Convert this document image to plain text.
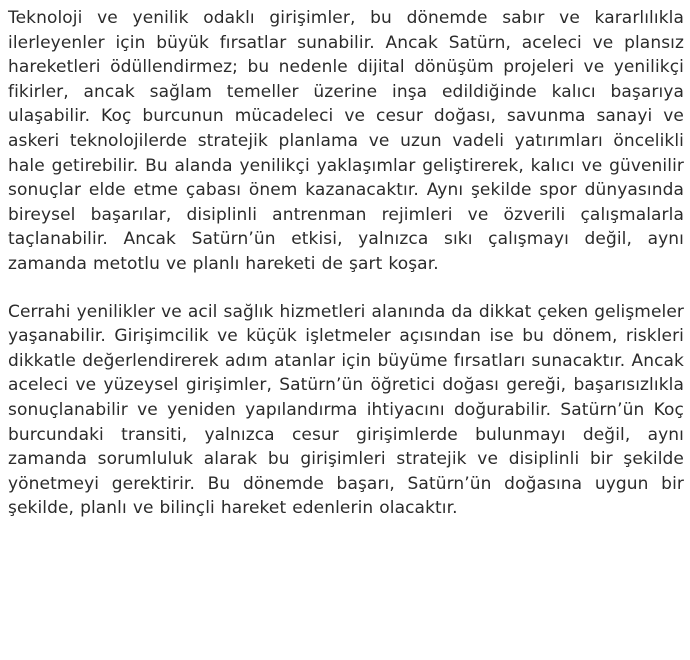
Teknoloji ve yenilik odaklı girişimler, bu dönemde sabır ve kararlılıkla ilerleyenler için büyük fırsatlar sunabilir. Ancak Satürn, aceleci ve plansız hareketleri ödüllendirmez; bu nedenle dijital dönüşüm projeleri ve yenilikçi fikirler, ancak sağlam temeller üzerine inşa edildiğinde kalıcı başarıya ulaşabilir. Koç burcunun mücadeleci ve cesur doğası, savunma sanayi ve askeri teknolojilerde stratejik planlama ve uzun vadeli yatırımları öncelikli hale getirebilir. Bu alanda yenilikçi yaklaşımlar geliştirerek, kalıcı ve güvenilir sonuçlar elde etme çabası önem kazanacaktır. Aynı şekilde spor dünyasında bireysel başarılar, disiplinli antrenman rejimleri ve özverili çalışmalarla taçlanabilir. Ancak Satürn’ün etkisi, yalnızca sıkı çalışmayı değil, aynı zamanda metotlu ve planlı hareketi de şart koşar.

Cerrahi yenilikler ve acil sağlık hizmetleri alanında da dikkat çeken gelişmeler yaşanabilir. Girişimcilik ve küçük işletmeler açısından ise bu dönem, riskleri dikkatle değerlendirerek adım atanlar için büyüme fırsatları sunacaktır. Ancak aceleci ve yüzeysel girişimler, Satürn’ün öğretici doğası gereği, başarısızlıkla sonuçlanabilir ve yeniden yapılandırma ihtiyacını doğurabilir. Satürn’ün Koç burcundaki transiti, yalnızca cesur girişimlerde bulunmayı değil, aynı zamanda sorumluluk alarak bu girişimleri stratejik ve disiplinli bir şekilde yönetmeyi gerektirir. Bu dönemde başarı, Satürn’ün doğasına uygun bir şekilde, planlı ve bilinçli hareket edenlerin olacaktır.
